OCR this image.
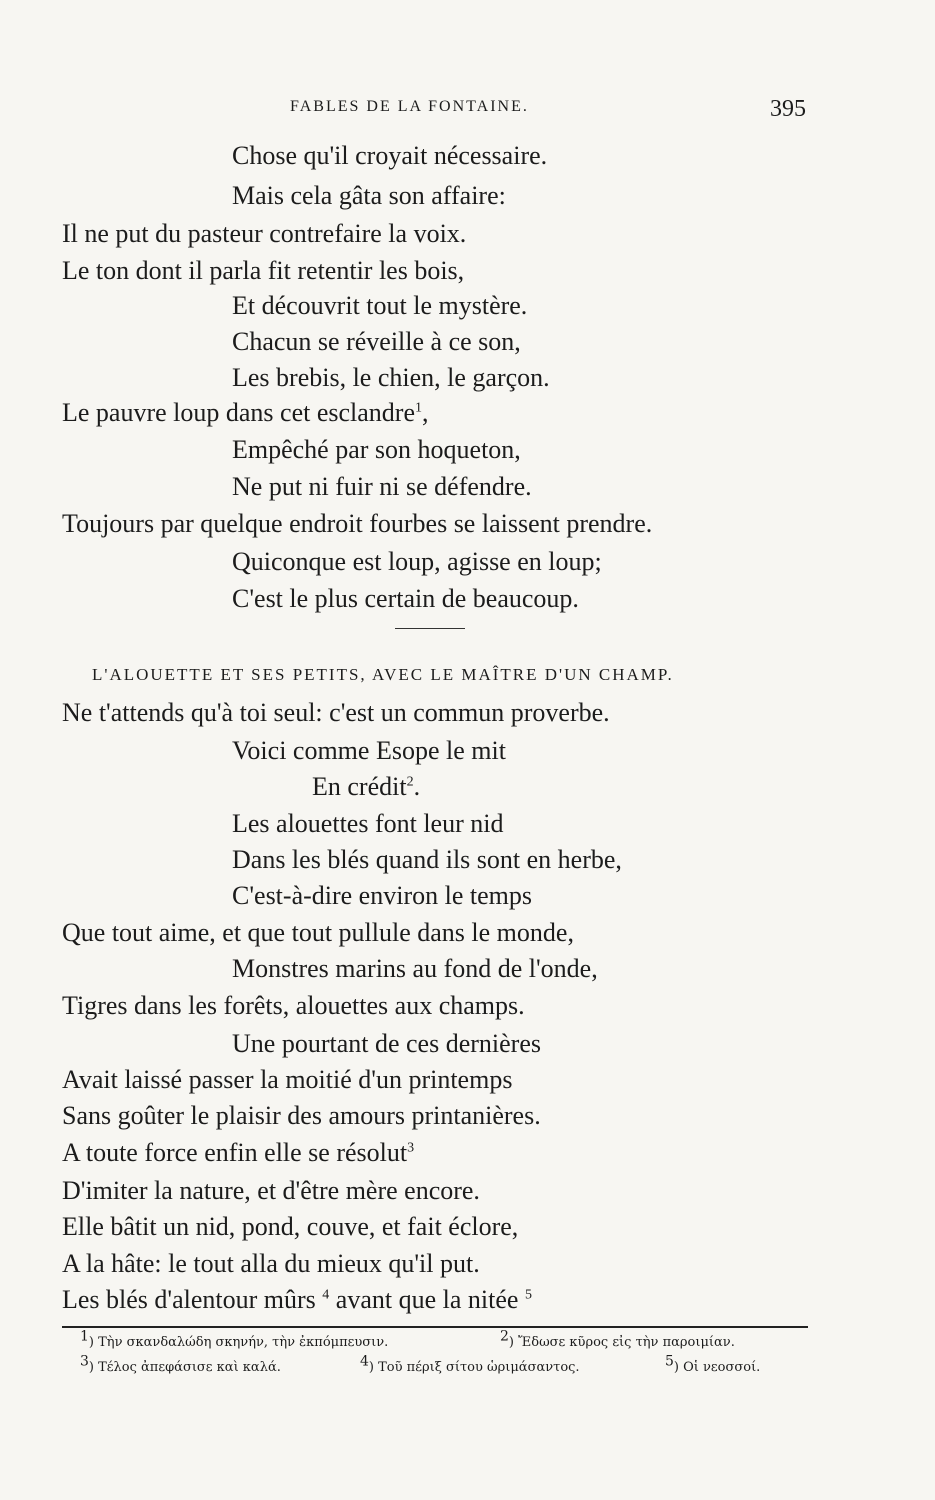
FABLES DE LA FONTAINE.	395
Chose qu'il croyait nécessaire.
Mais cela gâta son affaire:
Il ne put du pasteur contrefaire la voix.
Le ton dont il parla fit retentir les bois,
Et découvrit tout le mystère.
Chacun se réveille à ce son,
Les brebis, le chien, le garçon.
Le pauvre loup dans cet esclandre$^1$,
Empêché par son hoqueton,
Ne put ni fuir ni se défendre.
Toujours par quelque endroit fourbes se laissent prendre.
Quiconque est loup, agisse en loup;
C'est le plus certain de beaucoup.
L'ALOUETTE ET SES PETITS, AVEC LE MAÎTRE D'UN CHAMP.
Ne t'attends qu'à toi seul: c'est un commun proverbe.
Voici comme Esope le mit
En crédit$^2$.
Les alouettes font leur nid
Dans les blés quand ils sont en herbe,
C'est-à-dire environ le temps
Que tout aime, et que tout pullule dans le monde,
Monstres marins au fond de l'onde,
Tigres dans les forêts, alouettes aux champs.
Une pourtant de ces dernières
Avait laissé passer la moitié d'un printemps
Sans goûter le plaisir des amours printanières.
A toute force enfin elle se résolut$^3$
D'imiter la nature, et d'être mère encore.
Elle bâtit un nid, pond, couve, et fait éclore,
A la hâte: le tout alla du mieux qu'il put.
Les blés d'alentour mûrs $^4$ avant que la nitée $^5$
$^1$) Τὴν σκανδαλώδη σκηνήν, τὴν ἐκπόμπευσιν.	$^2$) Ἔδωσε κῦρος εἰς τὴν παροιμίαν.
$^3$) Τέλος ἀπεφάσισε καὶ καλά.	$^4$) Τοῦ πέριξ σίτου ὡριμάσαντος.	$^5$) Οἱ νεοσσοί.
